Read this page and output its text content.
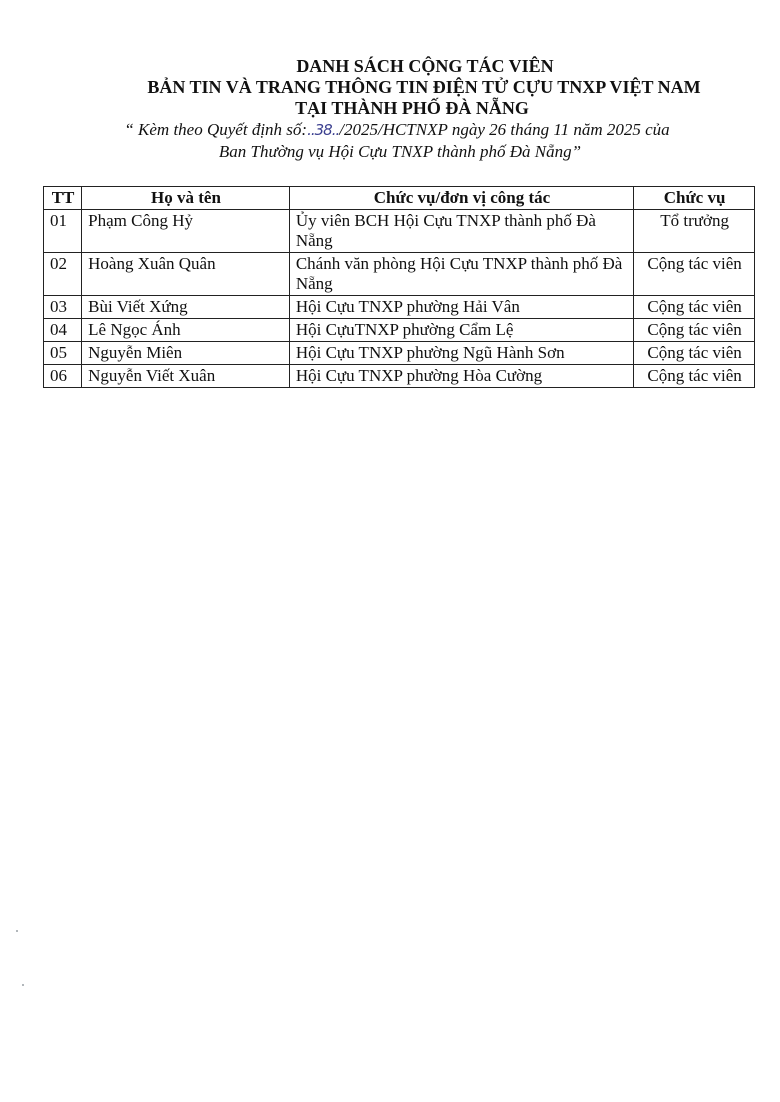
DANH SÁCH CỘNG TÁC VIÊN

BẢN TIN VÀ TRANG THÔNG TIN ĐIỆN TỬ CỰU TNXP VIỆT NAM

TẠI THÀNH PHỐ ĐÀ NẴNG

“ Kèm theo Quyết định số:..38../2025/HCTNXP ngày 26 tháng 11 năm 2025 của

Ban Thường vụ Hội Cựu TNXP thành phố Đà Nẵng”

TT	Họ và tên	Chức vụ/đơn vị công tác	Chức vụ
01	Phạm Công Hỷ	Ủy viên BCH Hội Cựu TNXP thành phố Đà Nẵng	Tổ trưởng
02	Hoàng Xuân Quân	Chánh văn phòng Hội Cựu TNXP thành phố Đà Nẵng	Cộng tác viên
03	Bùi Viết Xứng	Hội Cựu TNXP phường Hải Vân	Cộng tác viên
04	Lê Ngọc Ánh	Hội CựuTNXP phường Cẩm Lệ	Cộng tác viên
05	Nguyễn Miên	Hội Cựu TNXP phường Ngũ Hành Sơn	Cộng tác viên
06	Nguyễn Viết Xuân	Hội Cựu TNXP phường Hòa Cường	Cộng tác viên
